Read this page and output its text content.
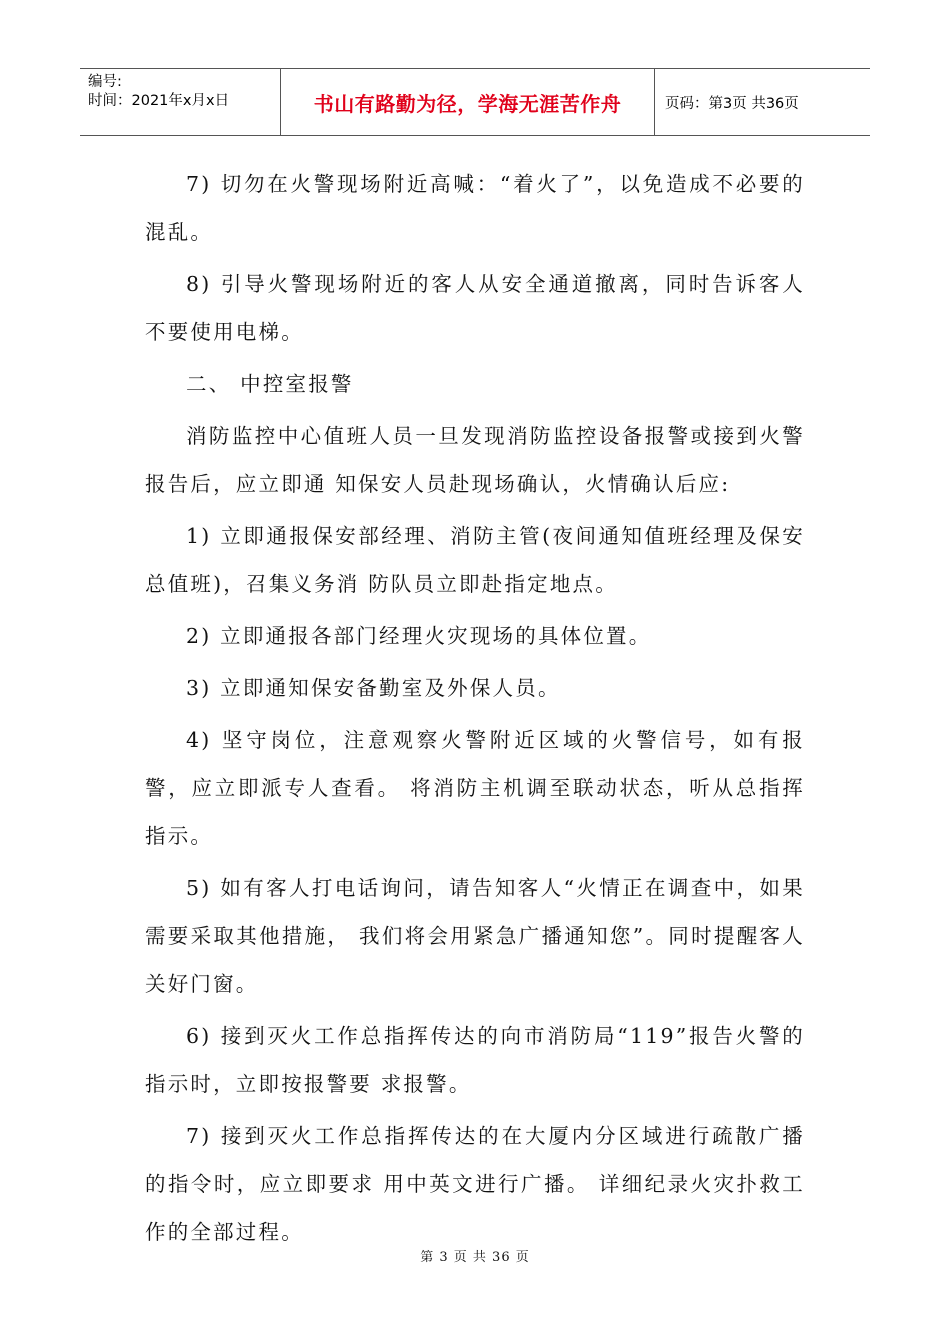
编号:
时间：2021年x月x日	书山有路勤为径，学海无涯苦作舟	页码：第3页 共36页

7) 切勿在火警现场附近高喊：“着火了”，以免造成不必要的混乱。

8) 引导火警现场附近的客人从安全通道撤离，同时告诉客人不要使用电梯。

二、 中控室报警

消防监控中心值班人员一旦发现消防监控设备报警或接到火警报告后，应立即通 知保安人员赴现场确认，火情确认后应:

1) 立即通报保安部经理、消防主管(夜间通知值班经理及保安总值班)，召集义务消 防队员立即赴指定地点。

2) 立即通报各部门经理火灾现场的具体位置。

3) 立即通知保安备勤室及外保人员。

4) 坚守岗位，注意观察火警附近区域的火警信号，如有报警，应立即派专人查看。 将消防主机调至联动状态，听从总指挥指示。

5) 如有客人打电话询问，请告知客人“火情正在调查中，如果需要采取其他措施， 我们将会用紧急广播通知您”。同时提醒客人关好门窗。

6) 接到灭火工作总指挥传达的向市消防局“119”报告火警的指示时，立即按报警要 求报警。

7) 接到灭火工作总指挥传达的在大厦内分区域进行疏散广播的指令时，应立即要求 用中英文进行广播。 详细纪录火灾扑救工作的全部过程。

第 3 页 共 36 页
